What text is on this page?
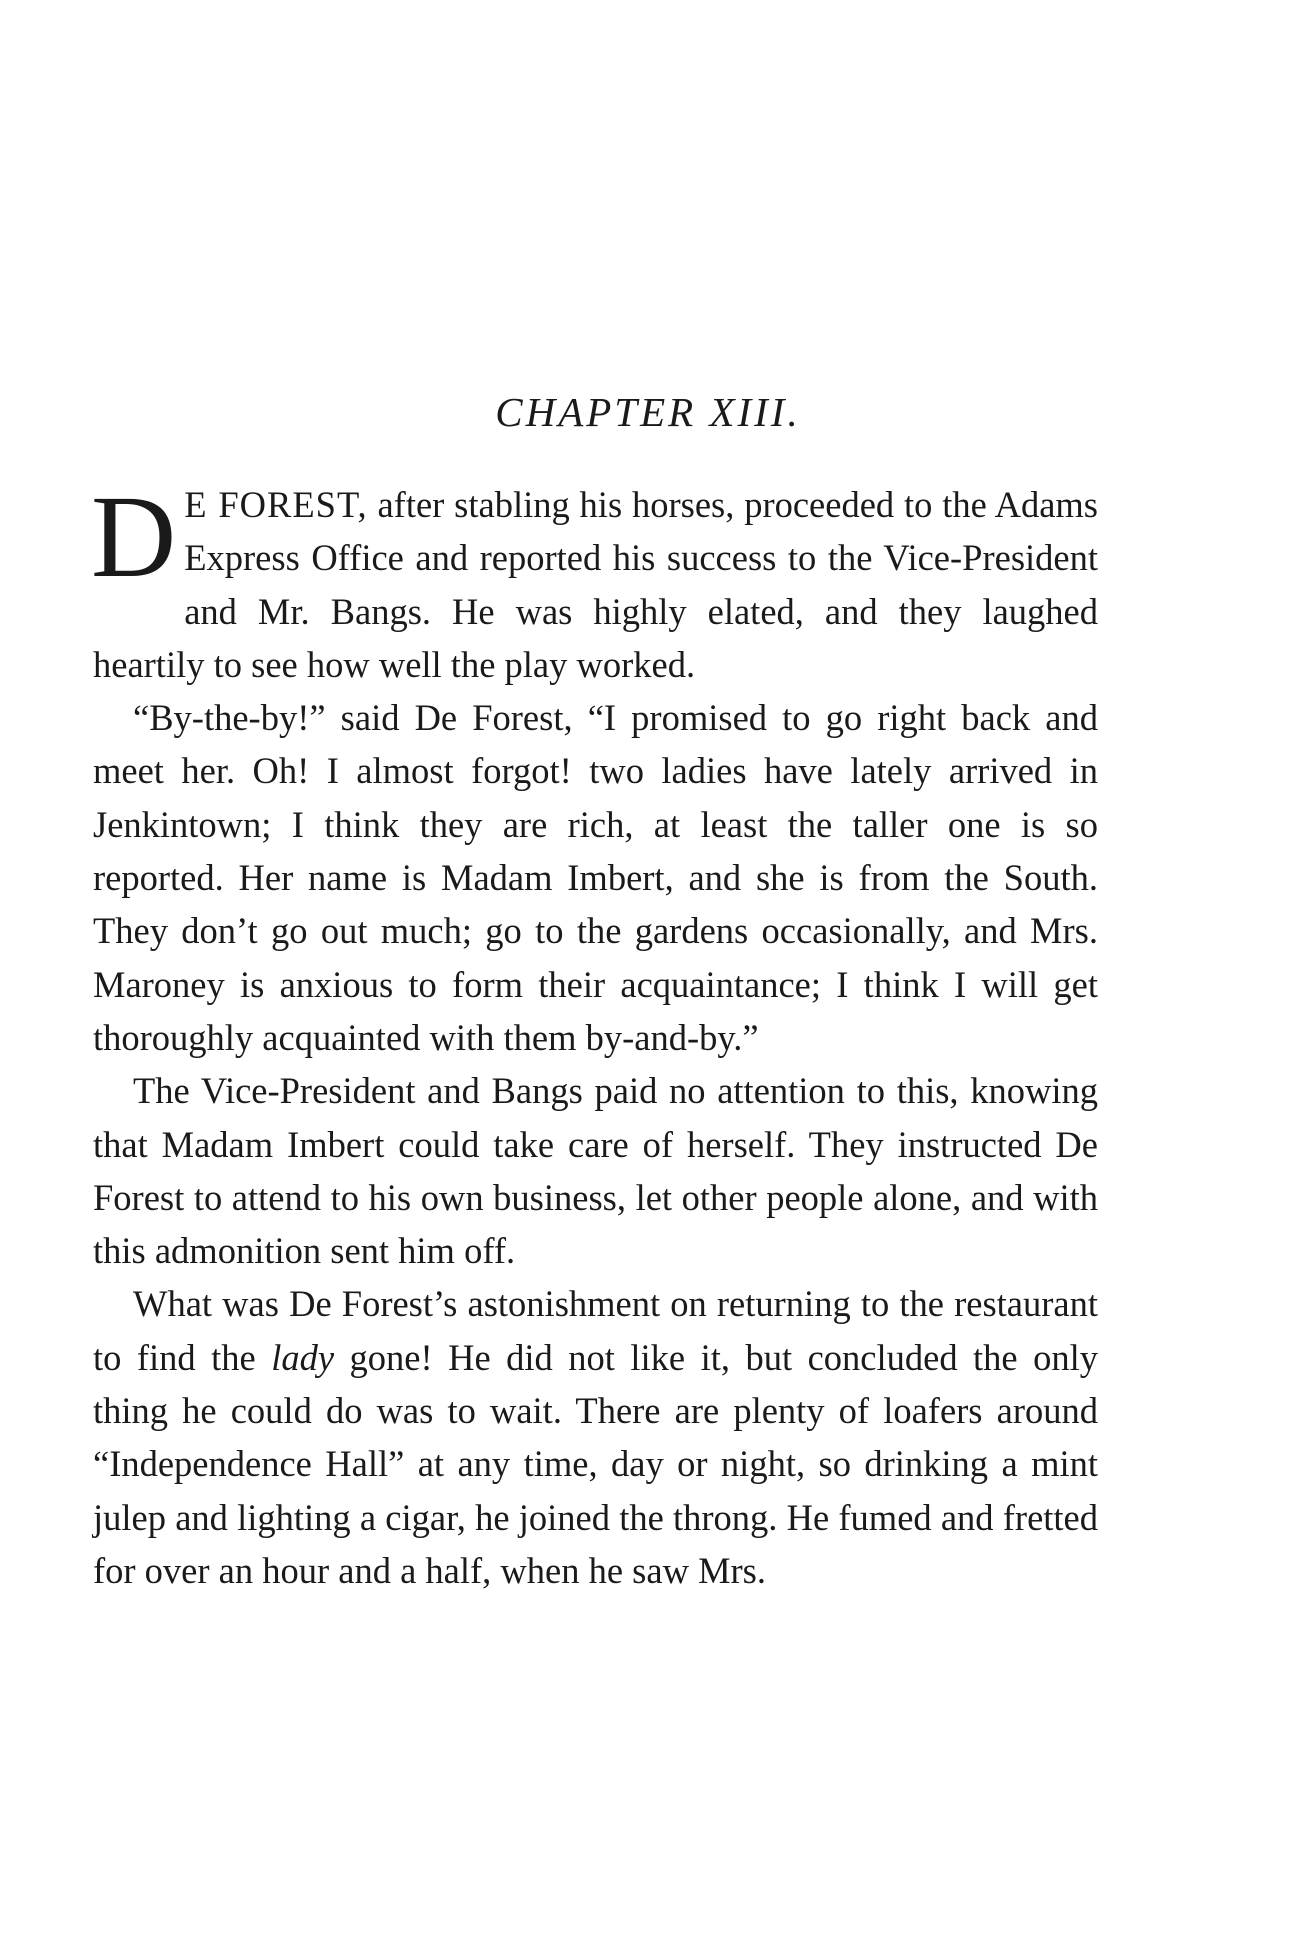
CHAPTER XIII.

D E FOREST, after stabling his horses, proceeded to the Adams Express Office and reported his success to the Vice-President and Mr. Bangs. He was highly elated, and they laughed heartily to see how well the play worked.

“By-the-by!” said De Forest, “I promised to go right back and meet her. Oh! I almost forgot! two ladies have lately arrived in Jenkintown; I think they are rich, at least the taller one is so reported. Her name is Madam Imbert, and she is from the South. They don’t go out much; go to the gardens occasionally, and Mrs. Maroney is anxious to form their acquaintance; I think I will get thoroughly acquainted with them by-and-by.”

The Vice-President and Bangs paid no attention to this, knowing that Madam Imbert could take care of herself. They instructed De Forest to attend to his own business, let other people alone, and with this admonition sent him off.

What was De Forest’s astonishment on returning to the restaurant to find the lady gone! He did not like it, but concluded the only thing he could do was to wait. There are plenty of loafers around “Independence Hall” at any time, day or night, so drinking a mint julep and lighting a cigar, he joined the throng. He fumed and fretted for over an hour and a half, when he saw Mrs.
